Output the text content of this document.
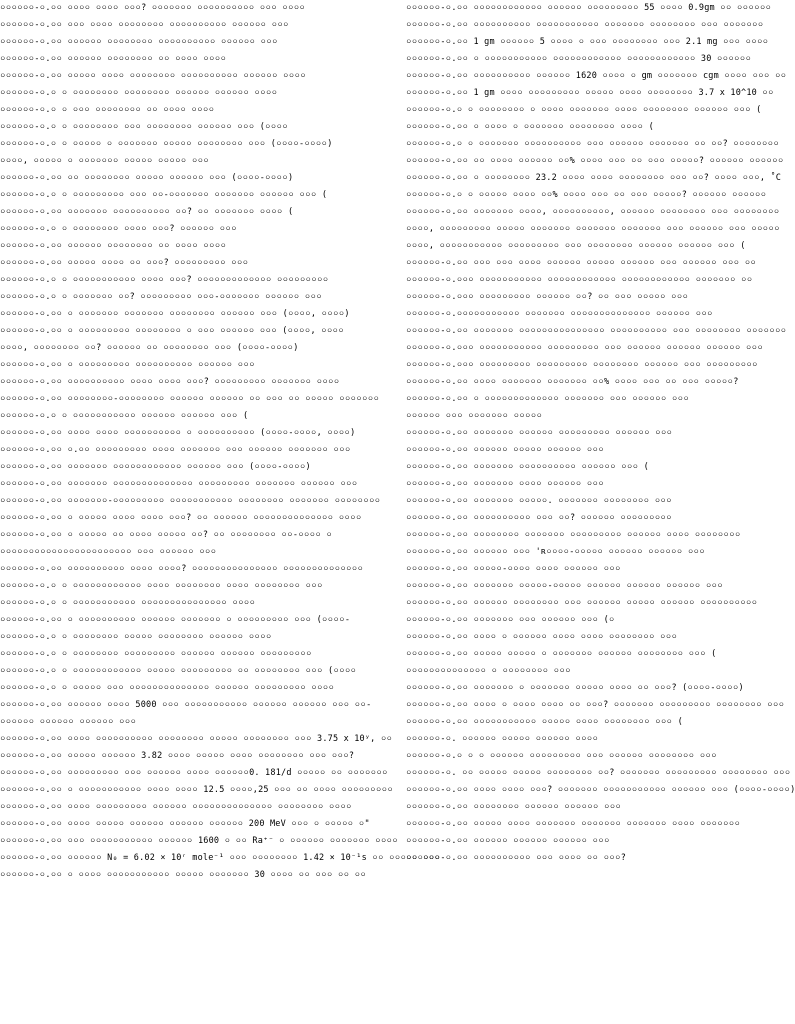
০০০০০০-০.০০ ০০০০ ০০০০ ০০০? ০০০০০০০ ০০০০০০০০০০ ০০০ ০০০০
০০০০০০-০.০০ ০০০ ০০০০ ০০০০০০০০ ০০০০০০০০০০ ০০০০০০ ০০০
০০০০০০-০.০০ ০০০০০০ ০০০০০০০০ ০০০০০০০০০০ ০০০০০০ ০০০
০০০০০০-০.০০ ০০০০০০ ০০০০০০০০ ০০ ০০০০ ০০০০
০০০০০০-০.০০ ০০০০০ ০০০০ ০০০০০০০০ ০০০০০০০০০০ ০০০০০০ ০০০০
০০০০০০-০.০ ০ ০০০০০০০০ ০০০০০০০০ ০০০০০০ ০০০০০০ ০০০০
০০০০০০-০.০ ০ ০০০ ০০০০০০০০ ০০ ০০০০ ০০০০
০০০০০০-০.০ ০ ০০০০০০০০ ০০০ ০০০০০০০০ ০০০০০০ ০০০ (০০০০
০০০০০০-০.০ ০ ০০০০০ ০ ০০০০০০০ ০০০০০ ০০০০০০০০ ০০০ (০০০০-০০০০)
০০০০, ০০০০০ ০ ০০০০০০০ ০০০০০ ০০০০০ ০০০
০০০০০০-০.০০ ০০ ০০০০০০০০ ০০০০০ ০০০০০০ ০০০ (০০০০-০০০০)
০০০০০০-০.০ ০ ০০০০০০০০০ ০০০ ০০-০০০০০০০ ০০০০০০০ ০০০০০০ ০০০ (
০০০০০০-০.০০ ০০০০০০০ ০০০০০০০০০০ ০০? ০০ ০০০০০০০ ০০০০ (
০০০০০০-০.০ ০ ০০০০০০০০ ০০০০ ০০০? ০০০০০০ ০০০
০০০০০০-০.০০ ০০০০০০ ০০০০০০০০ ০০ ০০০০ ০০০০
০০০০০০-০.০০ ০০০০০ ০০০০ ০০ ০০০? ০০০০০০০০০ ০০০
০০০০০০-০.০ ০ ০০০০০০০০০০০ ০০০০ ০০০? ০০০০০০০০০০০০০ ০০০০০০০০০
০০০০০০-০.০ ০ ০০০০০০০ ০০? ০০০০০০০০০ ০০০-০০০০০০০ ০০০০০০ ০০০
০০০০০০-০.০০ ০ ০০০০০০০ ০০০০০০০ ০০০০০০০০ ০০০০০০ ০০০ (০০০০, ০০০০)
০০০০০০-০.০০ ০ ০০০০০০০০০ ০০০০০০০০ ০ ০০০ ০০০০০০ ০০০ (০০০০, ০০০০
০০০০, ০০০০০০০০ ০০? ০০০০০০ ০০ ০০০০০০০০ ০০০ (০০০০-০০০০)
০০০০০০-০.০০ ০ ০০০০০০০০০ ০০০০০০০০০০ ০০০০০০ ০০০
০০০০০০-০.০০ ০০০০০০০০০০ ০০০০ ০০০০ ০০০? ০০০০০০০০০ ০০০০০০০ ০০০০
০০০০০০-০.০০ ০০০০০০০০-০০০০০০০০ ০০০০০০ ০০০০০০ ০০ ০০০ ০০ ০০০০০ ০০০০০০০
০০০০০০-০.০ ০ ০০০০০০০০০০০ ০০০০০০ ০০০০০০ ০০০ (
০০০০০০-০.০০ ০০০০ ০০০০ ০০০০০০০০০০ ০ ০০০০০০০০০০ (০০০০-০০০০, ০০০০)
০০০০০০-০.০০ ০.০০ ০০০০০০০০০ ০০০০ ০০০০০০০ ০০০ ০০০০০০ ০০০০০০০ ০০০
০০০০০০-০.০০ ০০০০০০০ ০০০০০০০০০০০০ ০০০০০০ ০০০ (০০০০-০০০০)
০০০০০০-০.০০ ০০০০০০০ ০০০০০০০০০০০০০০ ০০০০০০০০০ ০০০০০০০ ০০০০০০ ০০০
০০০০০০-০.০০ ০০০০০০০-০০০০০০০০০ ০০০০০০০০০০০ ০০০০০০০০ ০০০০০০০ ০০০০০০০০
০০০০০০-০.০০ ০ ০০০০০ ০০০০ ০০০০ ০০০? ০০ ০০০০০০ ০০০০০০০০০০০০০০ ০০০০
০০০০০০-০.০০ ০ ০০০০০ ০০ ০০০০ ০০০০০ ০০? ০০ ০০০০০০০০ ০০-০০০০ ০
০০০০০০০০০০০০০০০০০০০০০০০ ০০০ ০০০০০০ ০০০
০০০০০০-০.০০ ০০০০০০০০০০ ০০০০ ০০০০? ০০০০০০০০০০০০০০০ ০০০০০০০০০০০০০০
০০০০০০-০.০ ০ ০০০০০০০০০০০০ ০০০০ ০০০০০০০০ ০০০০ ০০০০০০০০ ০০০
০০০০০০-০.০ ০ ০০০০০০০০০০০ ০০০০০০০০০০০০০০০ ০০০০
০০০০০০-০.০০ ০ ০০০০০০০০০০ ০০০০০০ ০০০০০০০ ০ ০০০০০০০০০ ০০০ (০০০০-
০০০০০০-০.০ ০ ০০০০০০০০ ০০০০০ ০০০০০০০০ ০০০০০০ ০০০০
০০০০০০-০.০ ০ ০০০০০০০০ ০০০০০০০০০ ০০০০০০ ০০০০০০ ০০০০০০০০০
০০০০০০-০.০ ০ ০০০০০০০০০০০০ ০০০০০ ০০০০০০০০০ ০০ ০০০০০০০০ ০০০ (০০০০
০০০০০০-০.০ ০ ০০০০০ ০০০ ০০০০০০০০০০০০০০ ০০০০০০ ০০০০০০০০০ ০০০০
০০০০০০-০.০০ ০০০০০০ ০০০০ 5000 ০০০ ০০০০০০০০০০০ ০০০০০০ ০০০০০০ ০০০ ০০-
০০০০০০ ০০০০০০ ০০০০০০ ০০০
০০০০০০-০.০০ ০০০০ ০০০০০০০০০০ ০০০০০০০০ ০০০০০ ০০০০০০০০ ০০০ 3.75 x 10ʸ, ০০
০০০০০০-০.০০ ০০০০০ ০০০০০০ 3.82 ০০০০ ০০০০০ ০০০০ ০০০০০০০০ ০০০ ০০০?
০০০০০০-০.০০ ০০০০০০০০০ ০০০ ০০০০০০ ০০০০ ০০০০০০0. 181/d ০০০০০ ০০ ০০০০০০০
০০০০০০-০.০০ ০ ০০০০০০০০০০০ ০০০০ ০০০০ 12.5 ০০০০,25 ০০০ ০০ ০০০০ ০০০০০০০০০
০০০০০০-০.০০ ০০০০ ০০০০০০০০০ ০০০০০০ ০০০০০০০০০০০০০০ ০০০০০০০০ ০০০০
০০০০০০-০.০০ ০০০০ ০০০০০ ০০০০০০ ০০০০০০ ০০০০০০ 200 MeV ০০০ ০ ০০০০০ ০"
০০০০০০-০.০০ ০০০ ০০০০০০০০০০০ ০০০০০০ 1600 ০ ০০ Ra⁺⁻ ০ ০০০০০০ ০০০০০০০ ০০০০
০০০০০০-০.০০ ০০০০০০ N₀ = 6.02 × 10ʳ mole⁻¹ ০০০ ০০০০০০০০ 1.42 × 10⁻¹s ০০ ০০০০০ ০০০
০০০০০০-০.০০ ০ ০০০০ ০০০০০০০০০০০ ০০০০০ ০০০০০০০ 30 ০০০০ ০০ ০০০ ০০ ০০
০০০০০০-০.০০ ০০০০০০০০০০০০ ০০০০০০ ০০০০০০০০০ 55 ০০০০ 0.9gm ০০ ০০০০০০
০০০০০০-০.০০ ০০০০০০০০০০ ০০০০০০০০০০০ ০০০০০০০ ০০০০০০০০ ০০০ ০০০০০০০
০০০০০০-০.০০ 1 gm ০০০০০০ 5 ০০০০ ০ ০০০ ০০০০০০০০ ০০০ 2.1 mg ০০০ ০০০০
০০০০০০-০.০০ ০ ০০০০০০০০০০০ ০০০০০০০০০০০০ ০০০০০০০০০০০০ 30 ০০০০০০
০০০০০০-০.০০ ০০০০০০০০০০ ০০০০০০ 1620 ০০০০ ০ gm ০০০০০০০ cgm ০০০০ ০০০ ০০
০০০০০০-০.০০ 1 gm ০০০০ ০০০০০০০০০ ০০০০০ ০০০০ ০০০০০০০০ 3.7 x 10^10 ০০
০০০০০০-০.০ ০ ০০০০০০০০ ০ ০০০০ ০০০০০০০ ০০০০ ০০০০০০০০ ০০০০০০ ০০০ (
০০০০০০-০.০০ ০ ০০০০ ০ ০০০০০০০ ০০০০০০০০ ০০০০ (
০০০০০০-০.০ ০ ০০০০০০০ ০০০০০০০০০০ ০০০ ০০০০০০ ০০০০০০০ ০০ ০০? ০০০০০০০০
০০০০০০-০.০০ ০০ ০০০০ ০০০০০০ ০০% ০০০০ ০০০ ০০ ০০০ ০০০০০? ০০০০০০ ০০০০০০
০০০০০০-০.০০ ০ ০০০০০০০০ 23.2 ০০০০ ০০০০ ০০০০০০০০ ০০০ ০০? ০০০০ ০০০, ˚C
০০০০০০-০.০ ০ ০০০০০ ০০০০ ০০% ০০০০ ০০০ ০০ ০০০ ০০০০০? ০০০০০০ ০০০০০০
০০০০০০-০.০০ ০০০০০০০ ০০০০, ০০০০০০০০০০, ০০০০০০ ০০০০০০০০ ০০০ ০০০০০০০০
০০০০, ০০০০০০০০০ ০০০০০ ০০০০০০০ ০০০০০০০ ০০০০০০০ ০০০ ০০০০০০ ০০০ ০০০০০
০০০০, ০০০০০০০০০০০ ০০০০০০০০০ ০০০ ০০০০০০০০ ০০০০০০ ০০০০০০ ০০০ (
০০০০০০-০.০০ ০০০ ০০০ ০০০০ ০০০০০০ ০০০০০ ০০০০০০ ০০০ ০০০০০০ ০০০ ০০
০০০০০০-০.০০০ ০০০০০০০০০০০ ০০০০০০০০০০০০ ০০০০০০০০০০০০ ০০০০০০০ ০০
০০০০০০-০.০০০ ০০০০০০০০০ ০০০০০০ ০০? ০০ ০০০ ০০০০০ ০০০
০০০০০০-০.০০০০০০০০০০০ ০০০০০০০ ০০০০০০০০০০০০০০ ০০০০০০ ০০০
০০০০০০-০.০০ ০০০০০০০ ০০০০০০০০০০০০০০০ ০০০০০০০০০০ ০০০ ০০০০০০০০ ০০০০০০০
০০০০০০-০.০০০ ০০০০০০০০০০০ ০০০০০০০০০ ০০০ ০০০০০০ ০০০০০০ ০০০০০০ ০০০
০০০০০০-০.০০০ ০০০০০০০০০ ০০০০০০০০০ ০০০০০০০০ ০০০০০০ ০০০ ০০০০০০০০০
০০০০০০-০.০০ ০০০০ ০০০০০০০ ০০০০০০০ ০০% ০০০০ ০০০ ০০ ০০০ ০০০০০?
০০০০০০-০.০০ ০ ০০০০০০০০০০০০০ ০০০০০০০ ০০০ ০০০০০০ ০০০
০০০০০০ ০০০ ০০০০০০০ ০০০০০
০০০০০০-০.০০ ০০০০০০০ ০০০০০০ ০০০০০০০০০ ০০০০০০ ০০০
০০০০০০-০.০০ ০০০০০০ ০০০০০ ০০০০০০ ০০০
০০০০০০-০.০০ ০০০০০০০ ০০০০০০০০০০ ০০০০০০ ০০০ (
০০০০০০-০.০০ ০০০০০০০ ০০০০ ০০০০০০ ০০০
০০০০০০-০.০০ ০০০০০০০ ০০০০০. ০০০০০০০ ০০০০০০০০ ০০০
০০০০০০-০.০০ ০০০০০০০০০০ ০০০ ০০? ০০০০০০ ০০০০০০০০০
০০০০০০-০.০০ ০০০০০০০০ ০০০০০০০ ০০০০০০০০০ ০০০০০০ ০০০০ ০০০০০০০০
০০০০০০-০.০০ ০০০০০০ ০০০ 'ʀ০০০০-০০০০০ ০০০০০০ ০০০০০০ ০০০
০০০০০০-০.০০ ০০০০০-০০০০ ০০০০ ০০০০০০ ০০০
০০০০০০-০.০০ ০০০০০০০ ০০০০০-০০০০০ ০০০০০০ ০০০০০০ ০০০০০০ ০০০
০০০০০০-০.০০ ০০০০০০ ০০০০০০০০ ০০০ ০০০০০০ ০০০০০ ০০০০০০ ০০০০০০০০০০
০০০০০০-০.০০ ০০০০০০০ ০০০ ০০০০০০ ০০০ (০
০০০০০০-০.০০ ০০০০ ০ ০০০০০০ ০০০০ ০০০০ ০০০০০০০০ ০০০
০০০০০০-০.০০ ০০০০০ ০০০০০ ০ ০০০০০০০ ০০০০০০ ০০০০০০০০ ০০০ (
০০০০০০০০০০০০০০ ০ ০০০০০০০০ ০০০
০০০০০০-০.০০ ০০০০০০০ ০ ০০০০০০০ ০০০০০ ০০০০ ০০ ০০০? (০০০০-০০০০)
০০০০০০-০.০০ ০০০০ ০ ০০০০ ০০০০ ০০ ০০০? ০০০০০০০ ০০০০০০০০০ ০০০০০০০০ ০০০
০০০০০০-০.০০ ০০০০০০০০০০০ ০০০০০ ০০০০ ০০০০০০০০ ০০০ (
০০০০০০-০. ০০০০০০ ০০০০০ ০০০০০০ ০০০০
০০০০০০-০.০ ০ ০ ০০০০০০ ০০০০০০০০০ ০০০ ০০০০০০ ০০০০০০০০ ০০০
০০০০০০-০. ০০ ০০০০০ ০০০০০ ০০০০০০০০ ০০? ০০০০০০০ ০০০০০০০০০ ০০০০০০০০ ০০০
০০০০০০-০.০০ ০০০০ ০০০০ ০০০? ০০০০০০০ ০০০০০০০০০০০ ০০০০০০ ০০০ (০০০০-০০০০)
০০০০০০-০.০০ ০০০০০০০০ ০০০০০০ ০০০০০০ ০০০
০০০০০০-০.০০ ০০০০০ ০০০০ ০০০০০০০ ০০০০০০০ ০০০০০০০ ০০০০ ০০০০০০০
০০০০০০-০.০০ ০০০০০০ ০০০০০০ ০০০০০০ ০০০
০০০০০০-০.০০ ০০০০০০০০০০ ০০০ ০০০০ ০০ ০০০?
